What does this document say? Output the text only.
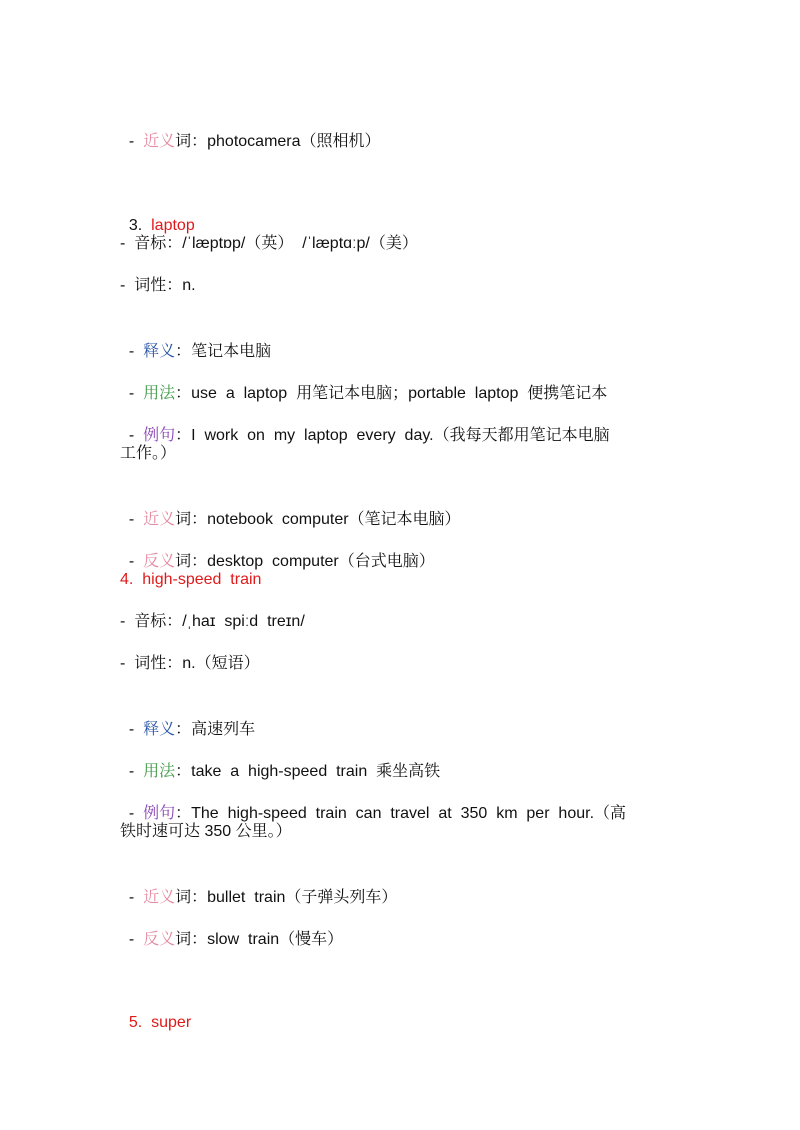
-  近义词：photocamera（照相机）

3.  laptop

-  音标：/ˈlæptɒp/（英）  /ˈlæptɑːp/（美）
-  词性：n.

-  释义：笔记本电脑

-  用法：use  a  laptop  用笔记本电脑；portable  laptop  便携笔记本

-  例句：I  work  on  my  laptop  every  day.（我每天都用笔记本电脑

工作。）

-  近义词：notebook  computer（笔记本电脑）

-  反义词：desktop  computer（台式电脑）

4.  high-speed  train
-  音标：/ˌhaɪ  spiːd  treɪn/
-  词性：n.（短语）

-  释义：高速列车

-  用法：take  a  high-speed  train  乘坐高铁

-  例句：The  high-speed  train  can  travel  at  350  km  per  hour.（高

铁时速可达 350 公里。）

-  近义词：bullet  train（子弹头列车）

-  反义词：slow  train（慢车）

5.  super
